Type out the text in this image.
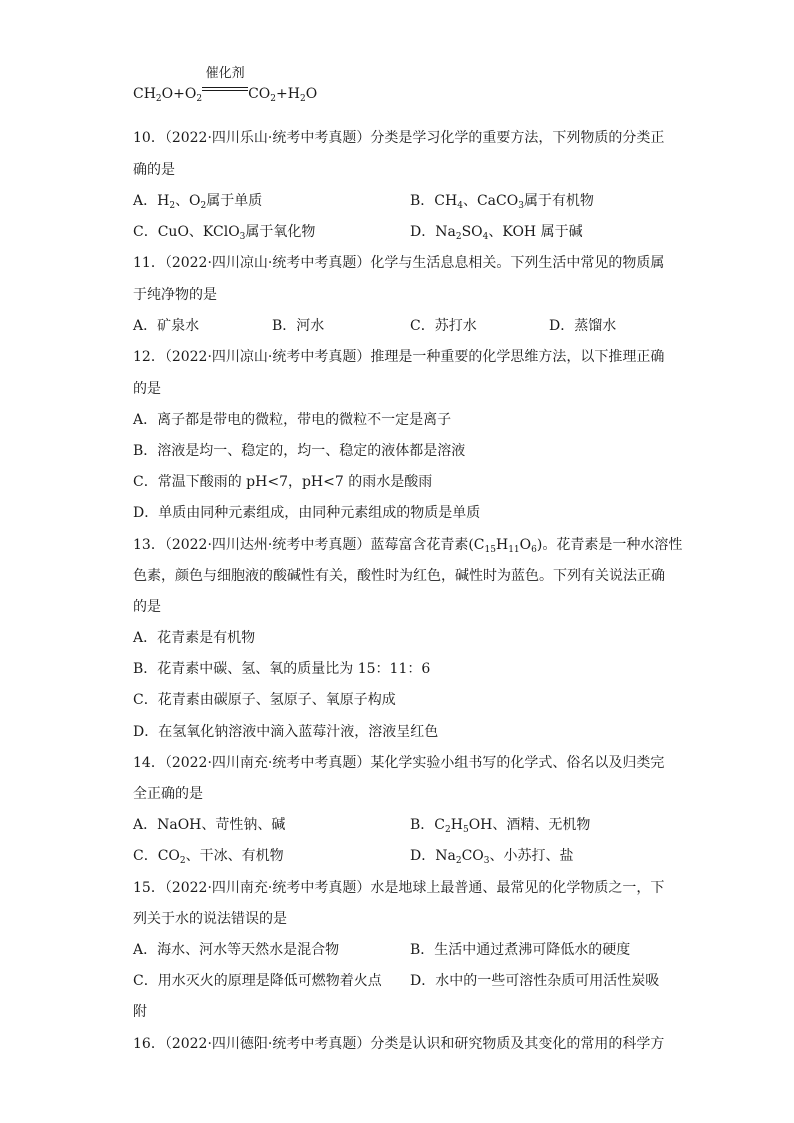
$CH_2O+O_2$
催化剂
$CO_2+H_2O$
10．（2022·四川乐山·统考中考真题）分类是学习化学的重要方法，下列物质的分类正
确的是
A．$H_2$、$O_2$属于单质	B．$CH_4$、CaCO$_3$属于有机物
C．CuO、KClO$_3$属于氧化物	D．$Na_2SO_4$、KOH 属于碱
11．（2022·四川凉山·统考中考真题）化学与生活息息相关。下列生活中常见的物质属
于纯净物的是
A．矿泉水	B．河水	C．苏打水	D．蒸馏水
12．（2022·四川凉山·统考中考真题）推理是一种重要的化学思维方法，以下推理正确
的是
A．离子都是带电的微粒，带电的微粒不一定是离子
B．溶液是均一、稳定的，均一、稳定的液体都是溶液
C．常温下酸雨的 pH<7，pH<7 的雨水是酸雨
D．单质由同种元素组成，由同种元素组成的物质是单质
13．（2022·四川达州·统考中考真题）蓝莓富含花青素$(C_{15}H_{11}O_6)$。花青素是一种水溶性
色素，颜色与细胞液的酸碱性有关，酸性时为红色，碱性时为蓝色。下列有关说法正确
的是
A．花青素是有机物
B．花青素中碳、氢、氧的质量比为 15：11：6
C．花青素由碳原子、氢原子、氧原子构成
D．在氢氧化钠溶液中滴入蓝莓汁液，溶液呈红色
14．（2022·四川南充·统考中考真题）某化学实验小组书写的化学式、俗名以及归类完
全正确的是
A．NaOH、苛性钠、碱	B．$C_2H_5OH$、酒精、无机物
C．$CO_2$、干冰、有机物	D．$Na_2CO_3$、小苏打、盐
15．（2022·四川南充·统考中考真题）水是地球上最普通、最常见的化学物质之一，下
列关于水的说法错误的是
A．海水、河水等天然水是混合物	B．生活中通过煮沸可降低水的硬度
C．用水灭火的原理是降低可燃物着火点 D．水中的一些可溶性杂质可用活性炭吸
附
16．（2022·四川德阳·统考中考真题）分类是认识和研究物质及其变化的常用的科学方
